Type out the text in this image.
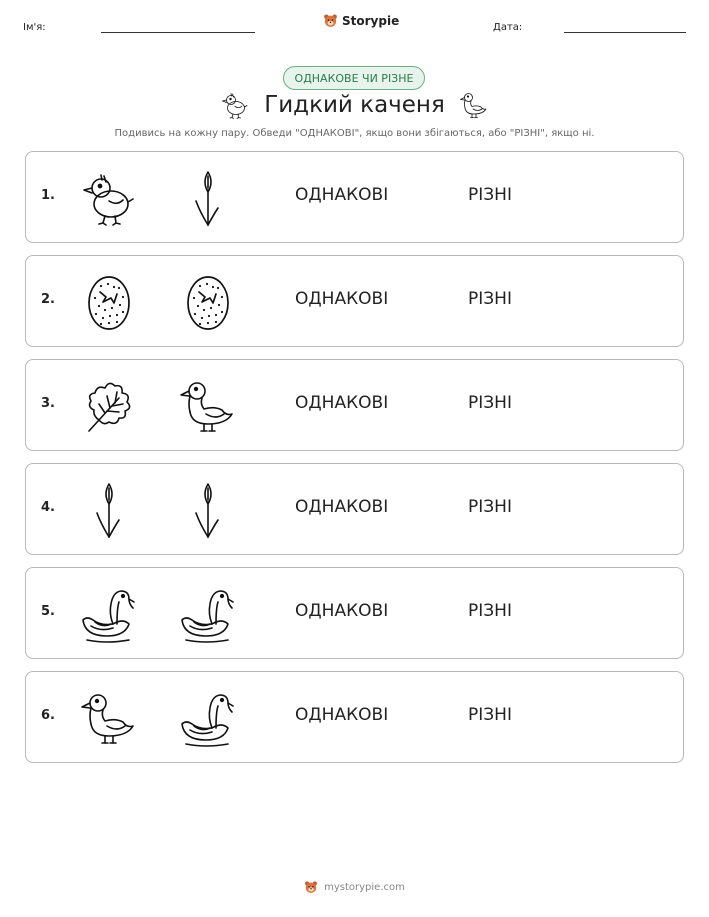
Ім'я:	Storypie	Дата:
ОДНАКОВЕ ЧИ РІЗНЕ
Гидкий каченя
Подивись на кожну пару. Обведи "ОДНАКОВІ", якщо вони збігаються, або "РІЗНІ", якщо ні.
1.	ОДНАКОВІ	РІЗНІ
2.	ОДНАКОВІ	РІЗНІ
3.	ОДНАКОВІ	РІЗНІ
4.	ОДНАКОВІ	РІЗНІ
5.	ОДНАКОВІ	РІЗНІ
6.	ОДНАКОВІ	РІЗНІ
mystorypie.com
